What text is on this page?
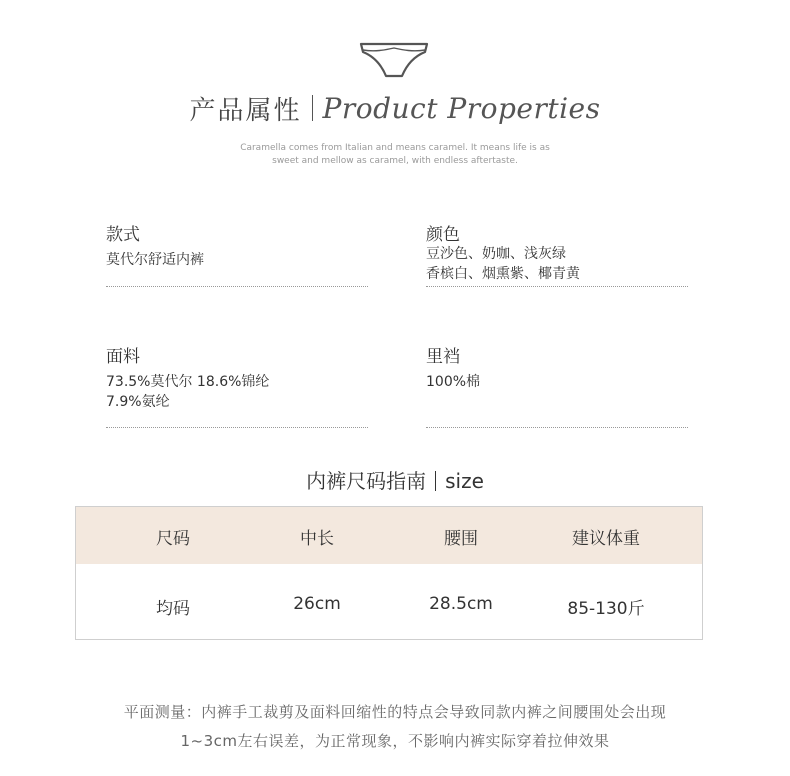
产品属性 Product Properties
Caramella comes from Italian and means caramel. It means life is as
sweet and mellow as caramel, with endless aftertaste.
款式
莫代尔舒适内裤
颜色
豆沙色、奶咖、浅灰绿
香槟白、烟熏紫、椰青黄
面料
73.5%莫代尔 18.6%锦纶
7.9%氨纶
里裆
100%棉
内裤尺码指南 size
尺码	中长	腰围	建议体重
均码	26cm	28.5cm	85-130斤
平面测量：内裤手工裁剪及面料回缩性的特点会导致同款内裤之间腰围处会出现
1~3cm左右误差，为正常现象，不影响内裤实际穿着拉伸效果
